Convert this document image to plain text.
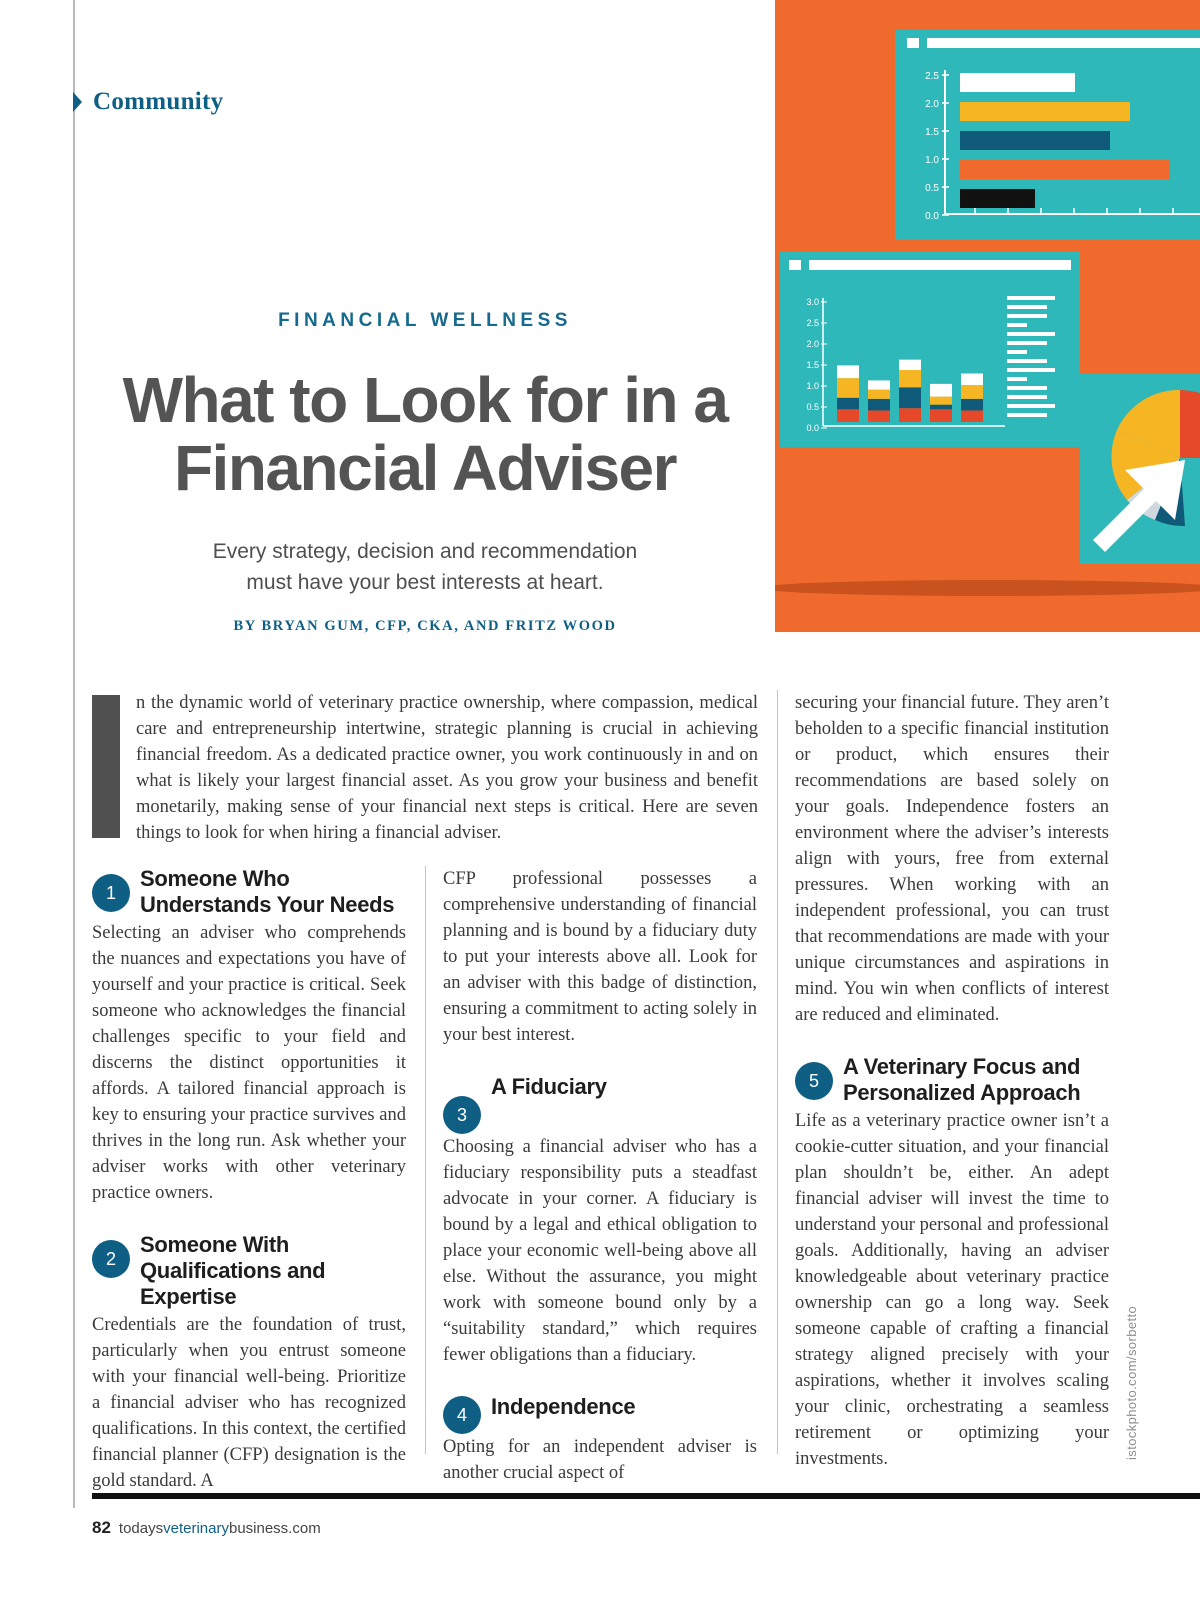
Community
FINANCIAL WELLNESS
What to Look for in a
Financial Adviser
Every strategy, decision and recommendation
must have your best interests at heart.
BY BRYAN GUM, CFP, CKA, AND FRITZ WOOD
2.5
2.0
1.5
1.0
0.5
0.0
3.0
2.5
2.0
1.5
1.0
0.5
0.0

n the dynamic world of veterinary practice ownership, where compassion, medical care and entrepreneurship intertwine, strategic planning is crucial in achieving financial freedom. As a dedicated practice owner, you work continuously in and on what is likely your largest financial asset. As you grow your business and benefit monetarily, making sense of your financial next steps is critical. Here are seven things to look for when hiring a financial adviser.

1
Someone Who
Understands Your Needs

Selecting an adviser who comprehends the nuances and expectations you have of yourself and your practice is critical. Seek someone who acknowledges the financial challenges specific to your field and discerns the distinct opportunities it affords. A tailored financial approach is key to ensuring your practice survives and thrives in the long run. Ask whether your adviser works with other veterinary practice owners.

2
Someone With
Qualifications and Expertise

Credentials are the foundation of trust, particularly when you entrust someone with your financial well-being. Prioritize a financial adviser who has recognized qualifications. In this context, the certified financial planner (CFP) designation is the gold standard. A

CFP professional possesses a comprehensive understanding of financial planning and is bound by a fiduciary duty to put your interests above all. Look for an adviser with this badge of distinction, ensuring a commitment to acting solely in your best interest.

3
A Fiduciary

Choosing a financial adviser who has a fiduciary responsibility puts a steadfast advocate in your corner. A fiduciary is bound by a legal and ethical obligation to place your economic well-being above all else. Without the assurance, you might work with someone bound only by a “suitability standard,” which requires fewer obligations than a fiduciary.

4	Independence

Opting for an independent adviser is another crucial aspect of

securing your financial future. They aren’t beholden to a specific financial institution or product, which ensures their recommendations are based solely on your goals. Independence fosters an environment where the adviser’s interests align with yours, free from external pressures. When working with an independent professional, you can trust that recommendations are made with your unique circumstances and aspirations in mind. You win when conflicts of interest are reduced and eliminated.

5
A Veterinary Focus and
Personalized Approach

Life as a veterinary practice owner isn’t a cookie-cutter situation, and your financial plan shouldn’t be, either. An adept financial adviser will invest the time to understand your personal and professional goals. Additionally, having an adviser knowledgeable about veterinary practice ownership can go a long way. Seek someone capable of crafting a financial strategy aligned precisely with your aspirations, whether it involves scaling your clinic, orchestrating a seamless retirement or optimizing your investments.	istockphoto.com/sorbetto
82 todaysveterinarybusiness.com
